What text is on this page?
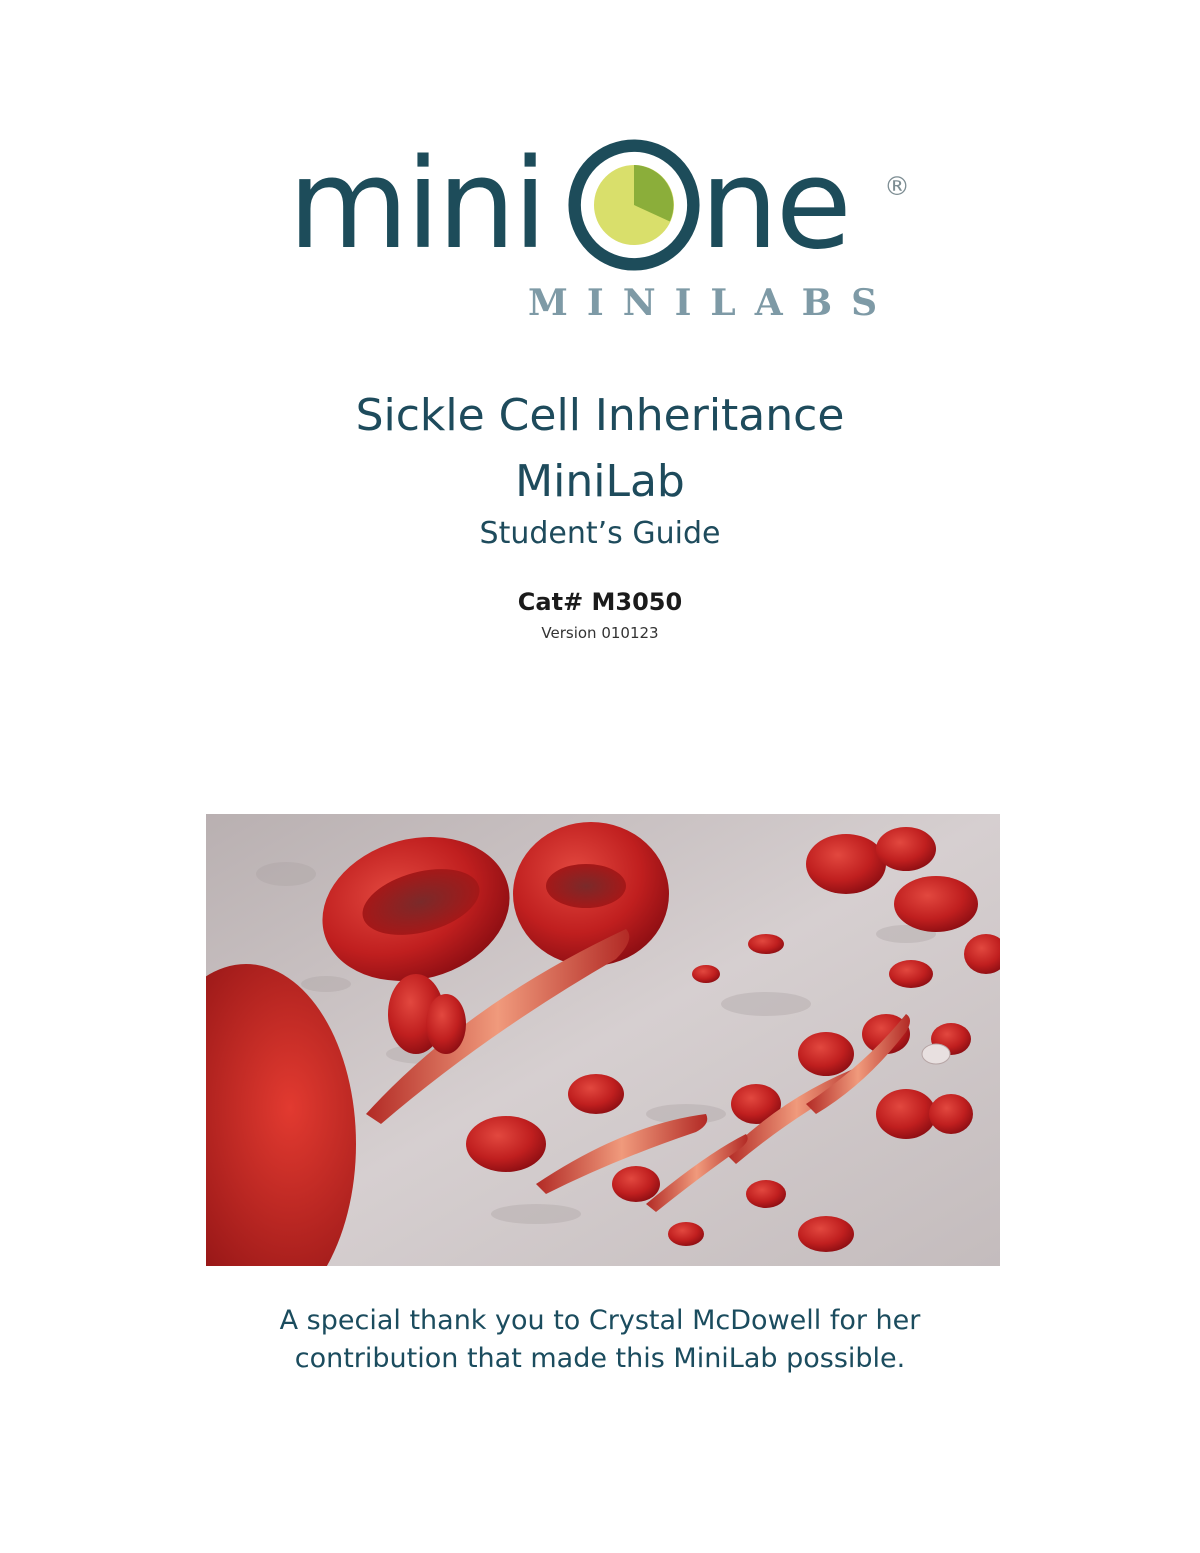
mini ne ®
MINILABS
Sickle Cell Inheritance
MiniLab
Student’s Guide
Cat# M3050
Version 010123
A special thank you to Crystal McDowell for her
contribution that made this MiniLab possible.
